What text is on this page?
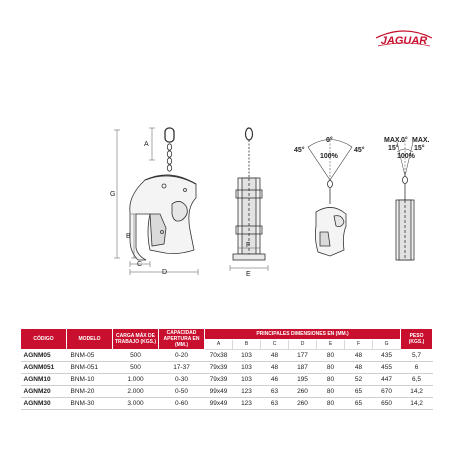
JAGUAR
A
G
B
C
D
F
E
45°
0°
45°
100%
MAX.
15°
0° MAX.
15°
100%
CÓDIGO	MODELO	CARGA MÁX DE TRABAJO (KGS.)	CAPACIDAD APERTURA EN (MM.)	PRINCIPALES DIMENSIONES EN (MM.)							PESO (KGS.)
				A	B	C	D	E	F	G	
AGNM05	BNM-05	500	0-20	70x38	103	48	177	80	48	435	5,7
AGNM051	BNM-051	500	17-37	79x39	103	48	187	80	48	455	6
AGNM10	BNM-10	1.000	0-30	79x39	103	46	195	80	52	447	6,5
AGNM20	BNM-20	2.000	0-50	99x49	123	63	260	80	65	670	14,2
AGNM30	BNM-30	3.000	0-60	99x49	123	63	260	80	65	650	14,2
